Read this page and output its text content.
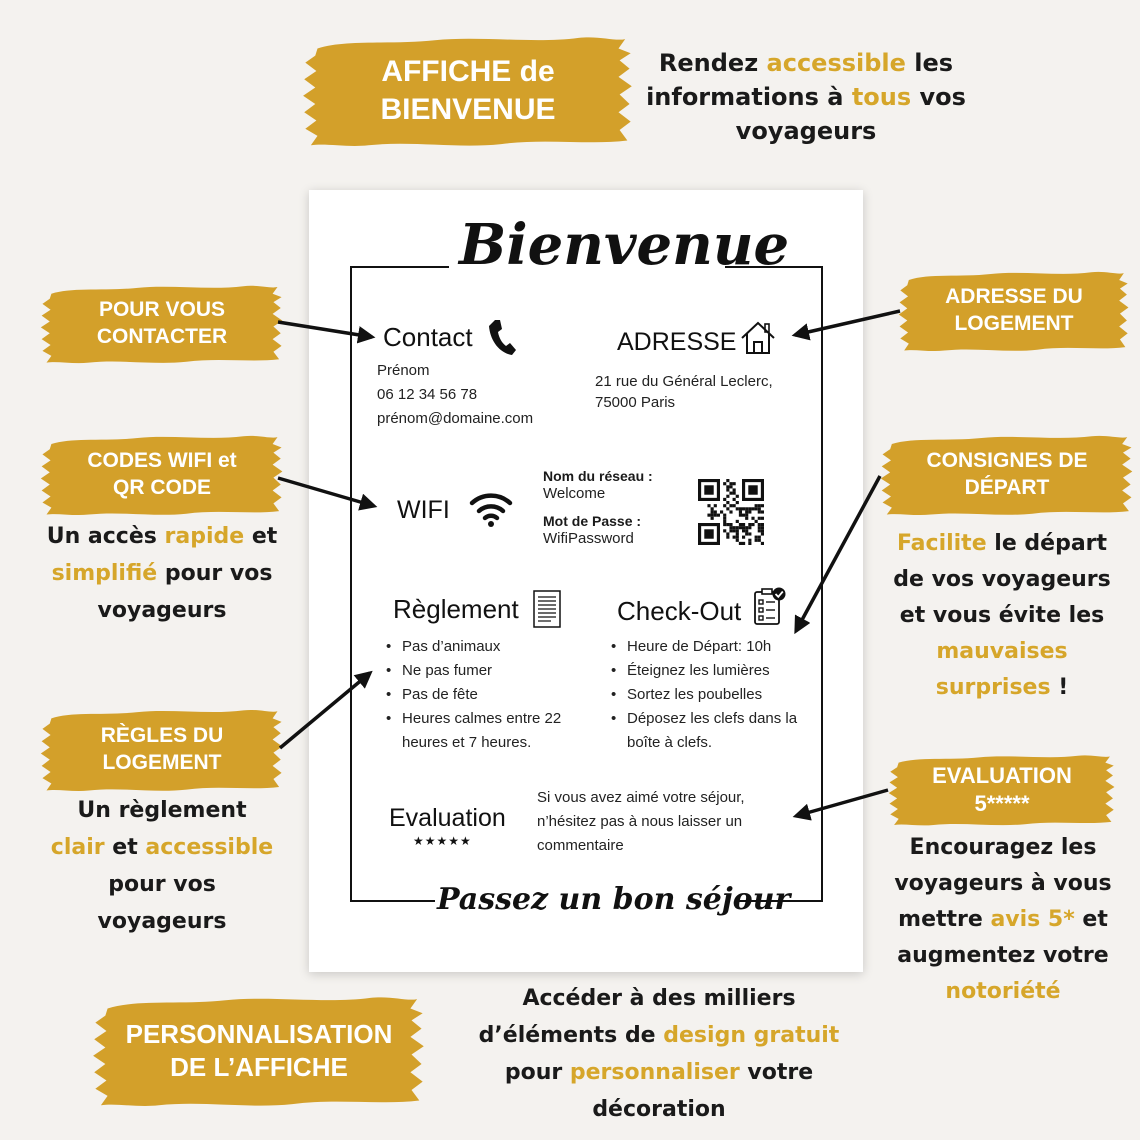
AFFICHE de
BIENVENUE
POUR VOUS
CONTACTER
CODES WIFI et
QR CODE
RÈGLES DU
LOGEMENT
ADRESSE DU
LOGEMENT
CONSIGNES DE
DÉPART
EVALUATION
5*****
PERSONNALISATION
DE L’AFFICHE
Rendez accessible les
informations à tous vos
voyageurs
Un accès rapide et
simplifié pour vos
voyageurs
Un règlement
clair et accessible
pour vos
voyageurs
Facilite le départ
de vos voyageurs
et vous évite les
mauvaises
surprises !
Encouragez les
voyageurs à vous
mettre avis 5* et
augmentez votre
notoriété
Accéder à des milliers
d’éléments de design gratuit
pour personnaliser votre
décoration
Bienvenue
Passez un bon séjour
Contact
Prénom
06 12 34 56 78
prénom@domaine.com
ADRESSE
21 rue du Général Leclerc,
75000 Paris
WIFI
Nom du réseau :
Welcome
Mot de Passe :
WifiPassword
Règlement
• Pas d’animaux
• Ne pas fumer
• Pas de fête
• Heures calmes entre 22 heures et 7 heures.
Check-Out
• Heure de Départ: 10h
• Éteignez les lumières
• Sortez les poubelles
• Déposez les clefs dans la boîte à clefs.
Evaluation
★★★★★
Si vous avez aimé votre séjour,
n’hésitez pas à nous laisser un
commentaire
